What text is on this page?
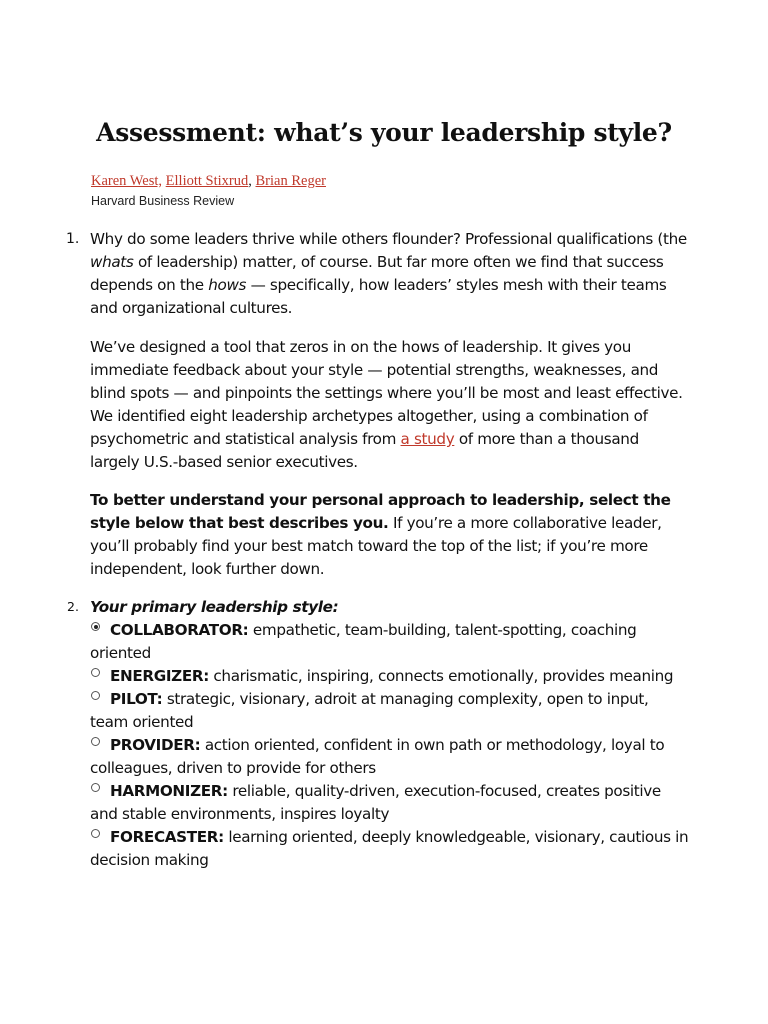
Assessment: what’s your leadership style?
Karen West, Elliott Stixrud, Brian Reger
Harvard Business Review
1. Why do some leaders thrive while others flounder? Professional qualifications (the whats of leadership) matter, of course. But far more often we find that success depends on the hows — specifically, how leaders’ styles mesh with their teams and organizational cultures.

We’ve designed a tool that zeros in on the hows of leadership. It gives you immediate feedback about your style — potential strengths, weaknesses, and blind spots — and pinpoints the settings where you’ll be most and least effective. We identified eight leadership archetypes altogether, using a combination of psychometric and statistical analysis from a study of more than a thousand largely U.S.-based senior executives.

To better understand your personal approach to leadership, select the style below that best describes you. If you’re a more collaborative leader, you’ll probably find your best match toward the top of the list; if you’re more independent, look further down.

2. Your primary leadership style:

COLLABORATOR: empathetic, team-building, talent-spotting, coaching oriented
ENERGIZER: charismatic, inspiring, connects emotionally, provides meaning
PILOT: strategic, visionary, adroit at managing complexity, open to input, team oriented
PROVIDER: action oriented, confident in own path or methodology, loyal to colleagues, driven to provide for others
HARMONIZER: reliable, quality-driven, execution-focused, creates positive and stable environments, inspires loyalty
FORECASTER: learning oriented, deeply knowledgeable, visionary, cautious in decision making
